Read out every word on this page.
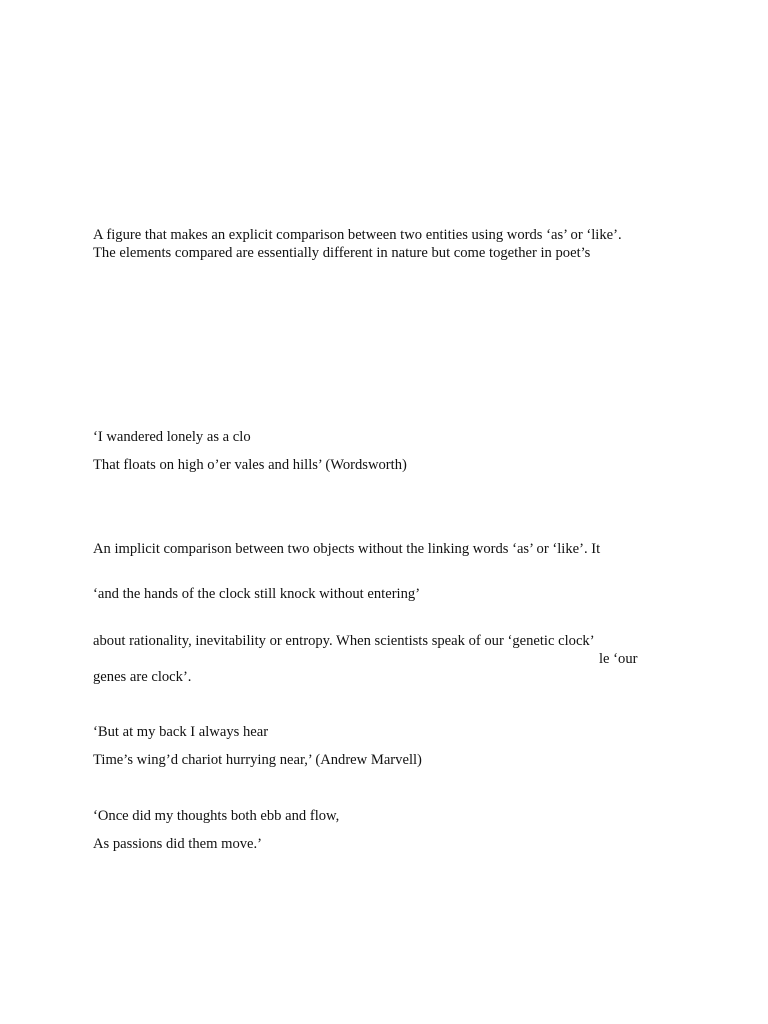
A figure that makes an explicit comparison between two entities using words ‘as’ or ‘like’.
The elements compared are essentially different in nature but come together in poet’s
‘I wandered lonely as a clo
That floats on high o’er vales and hills’ (Wordsworth)
An implicit comparison between two objects without the linking words ‘as’ or ‘like’. It
‘and the hands of the clock still knock without entering’
about rationality, inevitability or entropy. When scientists speak of our ‘genetic clock’
le ‘our
genes are clock’.
‘But at my back I always hear
Time’s wing’d chariot hurrying near,’ (Andrew Marvell)
‘Once did my thoughts both ebb and flow,
As passions did them move.’
